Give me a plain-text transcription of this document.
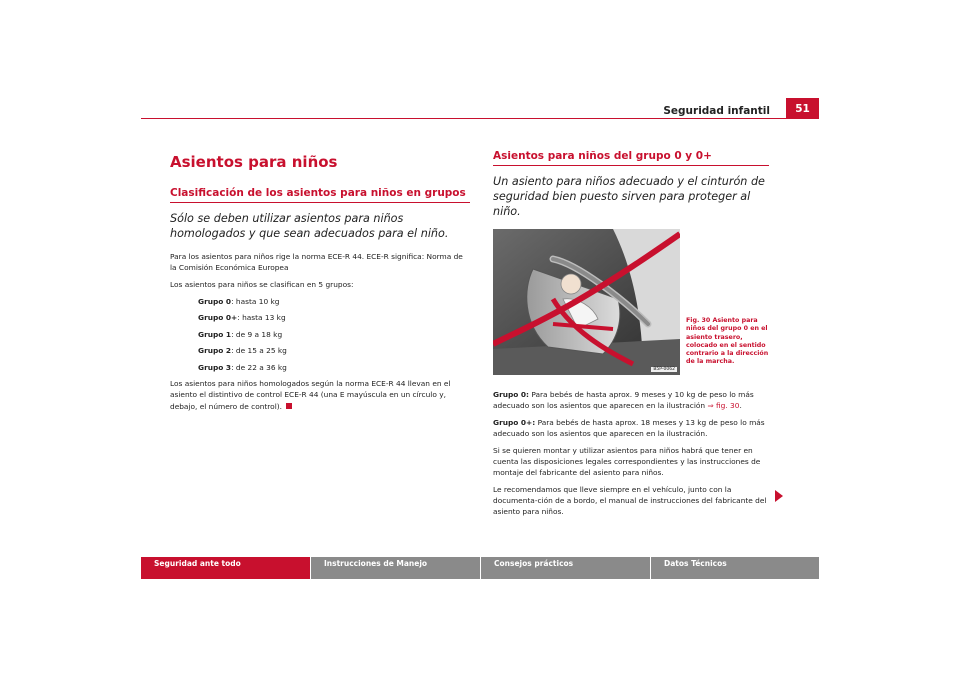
Seguridad infantil	51
Asientos para niños
Clasificación de los asientos para niños en grupos
Sólo se deben utilizar asientos para niños homologados y que sean adecuados para el niño.
Para los asientos para niños rige la norma ECE-R 44. ECE-R significa: Norma de la Comisión Económica Europea
Los asientos para niños se clasifican en 5 grupos:
Grupo 0: hasta 10 kg
Grupo 0+: hasta 13 kg
Grupo 1: de 9 a 18 kg
Grupo 2: de 15 a 25 kg
Grupo 3: de 22 a 36 kg
Los asientos para niños homologados según la norma ECE-R 44 llevan en el asiento el distintivo de control ECE-R 44 (una E mayúscula en un círculo y, debajo, el número de control).
Asientos para niños del grupo 0 y 0+
Un asiento para niños adecuado y el cinturón de seguridad bien puesto sirven para proteger al niño.
B5P-0062
Grupo 0: Para bebés de hasta aprox. 9 meses y 10 kg de peso lo más adecuado son los asientos que aparecen en la ilustración ⇒ fig. 30.
Grupo 0+: Para bebés de hasta aprox. 18 meses y 13 kg de peso lo más adecuado son los asientos que aparecen en la ilustración.
Si se quieren montar y utilizar asientos para niños habrá que tener en cuenta las disposiciones legales correspondientes y las instrucciones de montaje del fabricante del asiento para niños.
Le recomendamos que lleve siempre en el vehículo, junto con la documenta-ción de a bordo, el manual de instrucciones del fabricante del asiento para niños.
Fig. 30 Asiento para niños del grupo 0 en el asiento trasero, colocado en el sentido contrario a la dirección de la marcha.
Seguridad ante todo	Instrucciones de Manejo	Consejos prácticos	Datos Técnicos
